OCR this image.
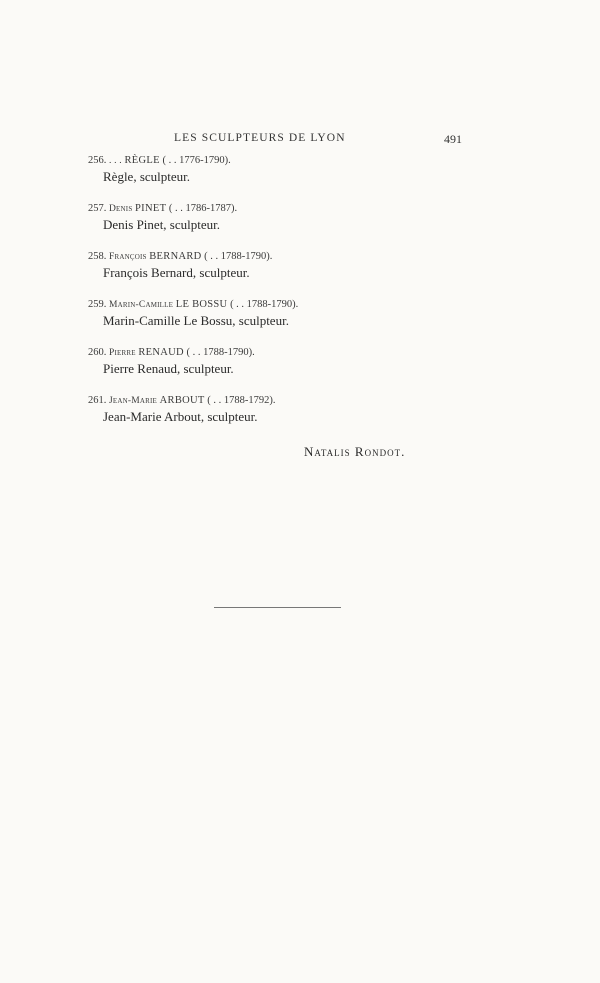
LES SCULPTEURS DE LYON	491
256. . . . RÈGLE ( . . 1776-1790).
Règle, sculpteur.
257. Denis PINET ( . . 1786-1787).
Denis Pinet, sculpteur.
258. François BERNARD ( . . 1788-1790).
François Bernard, sculpteur.
259. Marin-Camille LE BOSSU ( . . 1788-1790).
Marin-Camille Le Bossu, sculpteur.
260. Pierre RENAUD ( . . 1788-1790).
Pierre Renaud, sculpteur.
261. Jean-Marie ARBOUT ( . . 1788-1792).
Jean-Marie Arbout, sculpteur.
Natalis Rondot.
